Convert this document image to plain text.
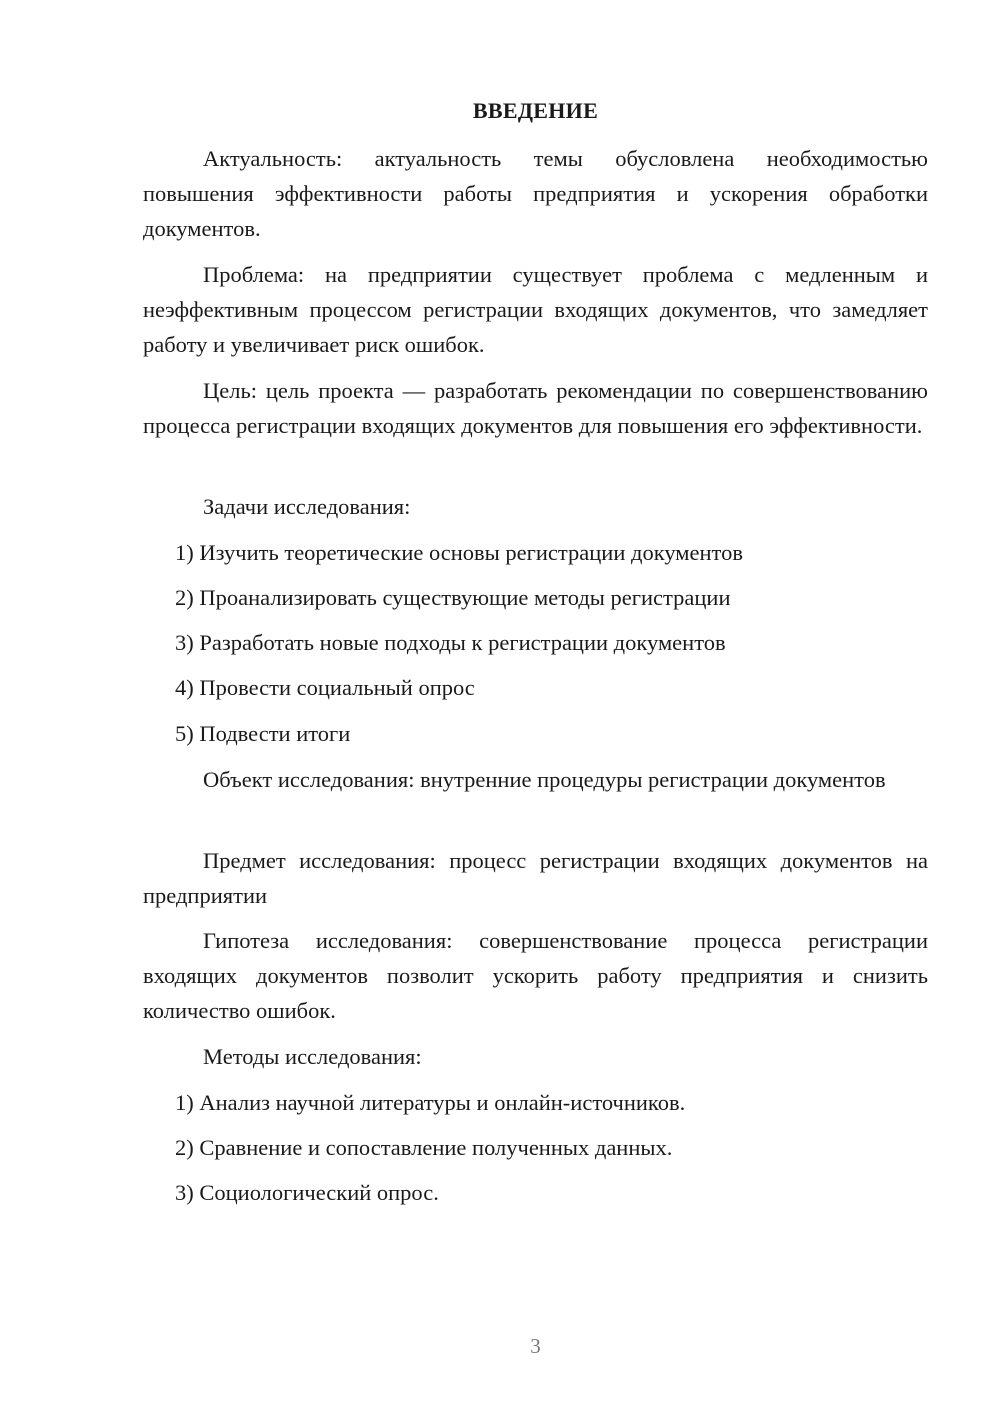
ВВЕДЕНИЕ

Актуальность: актуальность темы обусловлена необходимостью повышения эффективности работы предприятия и ускорения обработки документов.

Проблема: на предприятии существует проблема с медленным и неэффективным процессом регистрации входящих документов, что замедляет работу и увеличивает риск ошибок.

Цель: цель проекта — разработать рекомендации по совершенствованию процесса регистрации входящих документов для повышения его эффективности.

Задачи исследования:

1) Изучить теоретические основы регистрации документов

2) Проанализировать существующие методы регистрации

3) Разработать новые подходы к регистрации документов

4) Провести социальный опрос

5) Подвести итоги

Объект исследования: внутренние процедуры регистрации документов

Предмет исследования: процесс регистрации входящих документов на предприятии

Гипотеза исследования: совершенствование процесса регистрации входящих документов позволит ускорить работу предприятия и снизить количество ошибок.

Методы исследования:

1) Анализ научной литературы и онлайн-источников.

2) Сравнение и сопоставление полученных данных.

3) Социологический опрос.

3
